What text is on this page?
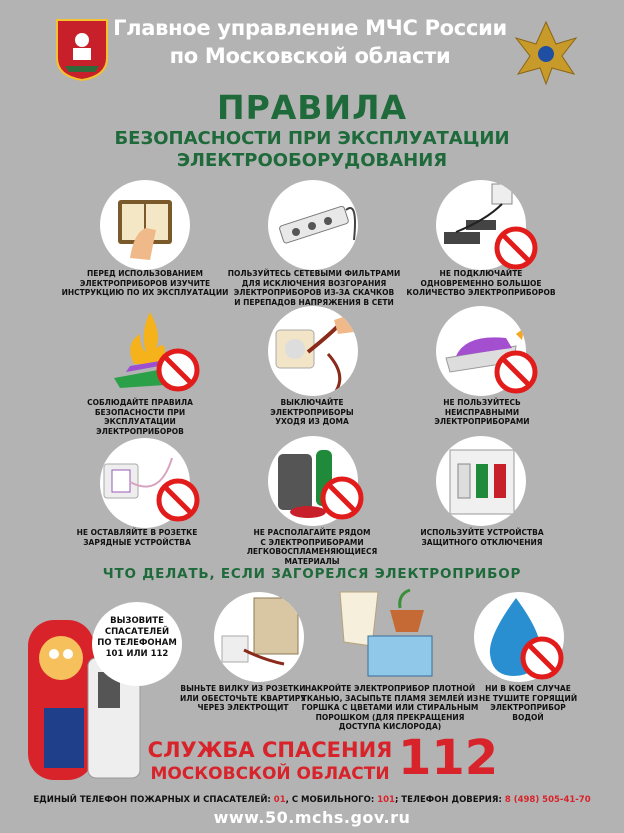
Главное управление МЧС России
по Московской области
ПРАВИЛА
БЕЗОПАСНОСТИ ПРИ ЭКСПЛУАТАЦИИ
ЭЛЕКТРООБОРУДОВАНИЯ
ПЕРЕД ИСПОЛЬЗОВАНИЕМ
ЭЛЕКТРОПРИБОРОВ ИЗУЧИТЕ
ИНСТРУКЦИЮ ПО ИХ ЭКСПЛУАТАЦИИ
ПОЛЬЗУЙТЕСЬ СЕТЕВЫМИ ФИЛЬТРАМИ
ДЛЯ ИСКЛЮЧЕНИЯ ВОЗГОРАНИЯ
ЭЛЕКТРОПРИБОРОВ ИЗ-ЗА СКАЧКОВ
И ПЕРЕПАДОВ НАПРЯЖЕНИЯ В СЕТИ
НЕ ПОДКЛЮЧАЙТЕ
ОДНОВРЕМЕННО БОЛЬШОЕ
КОЛИЧЕСТВО ЭЛЕКТРОПРИБОРОВ
СОБЛЮДАЙТЕ ПРАВИЛА
БЕЗОПАСНОСТИ ПРИ ЭКСПЛУАТАЦИИ
ЭЛЕКТРОПРИБОРОВ
ВЫКЛЮЧАЙТЕ
ЭЛЕКТРОПРИБОРЫ
УХОДЯ ИЗ ДОМА
НЕ ПОЛЬЗУЙТЕСЬ
НЕИСПРАВНЫМИ
ЭЛЕКТРОПРИБОРАМИ
НЕ ОСТАВЛЯЙТЕ В РОЗЕТКЕ
ЗАРЯДНЫЕ УСТРОЙСТВА
НЕ РАСПОЛАГАЙТЕ РЯДОМ
С ЭЛЕКТРОПРИБОРАМИ
ЛЕГКОВОСПЛАМЕНЯЮЩИЕСЯ
МАТЕРИАЛЫ
ИСПОЛЬЗУЙТЕ УСТРОЙСТВА
ЗАЩИТНОГО ОТКЛЮЧЕНИЯ
ЧТО ДЕЛАТЬ, ЕСЛИ ЗАГОРЕЛСЯ ЭЛЕКТРОПРИБОР
ВЫЗОВИТЕ
СПАСАТЕЛЕЙ
ПО ТЕЛЕФОНАМ
101 ИЛИ 112
ВЫНЬТЕ ВИЛКУ ИЗ РОЗЕТКИ
ИЛИ ОБЕСТОЧЬТЕ КВАРТИРУ
ЧЕРЕЗ ЭЛЕКТРОЩИТ
НАКРОЙТЕ ЭЛЕКТРОПРИБОР ПЛОТНОЙ
ТКАНЬЮ, ЗАСЫПЬТЕ ПЛАМЯ ЗЕМЛЕЙ ИЗ
ГОРШКА С ЦВЕТАМИ ИЛИ СТИРАЛЬНЫМ
ПОРОШКОМ (ДЛЯ ПРЕКРАЩЕНИЯ
ДОСТУПА КИСЛОРОДА)
НИ В КОЕМ СЛУЧАЕ
НЕ ТУШИТЕ ГОРЯЩИЙ
ЭЛЕКТРОПРИБОР
ВОДОЙ
СЛУЖБА СПАСЕНИЯ
МОСКОВСКОЙ ОБЛАСТИ 112
ЕДИНЫЙ ТЕЛЕФОН ПОЖАРНЫХ И СПАСАТЕЛЕЙ: 01, С МОБИЛЬНОГО: 101; ТЕЛЕФОН ДОВЕРИЯ: 8 (498) 505-41-70
www.50.mchs.gov.ru
